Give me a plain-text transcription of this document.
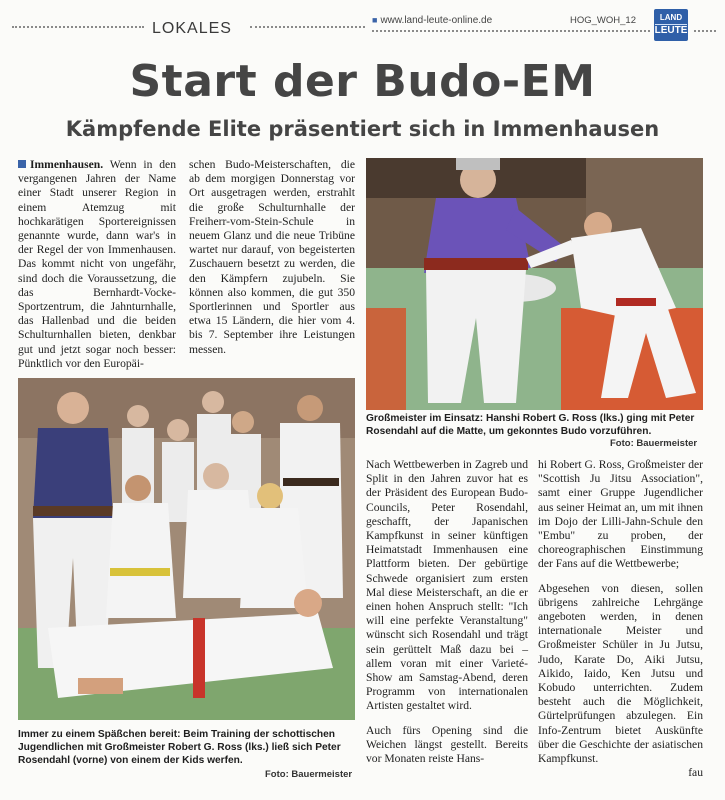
LOKALES	■ www.land-leute-online.de	HOG_WOH_12	LAND
LEUTE
Start der Budo-EM
Kämpfende Elite präsentiert sich in Immenhausen

Immenhausen. Wenn in den vergangenen Jahren der Name einer Stadt unserer Region in einem Atemzug mit hochkarätigen Sportereignissen genannte wurde, dann war's in der Regel der von Immenhausen. Das kommt nicht von ungefähr, sind doch die Voraussetzung, die das Bernhardt-Vocke-Sportzentrum, die Jahnturnhalle, das Hallenbad und die beiden Schulturnhallen bieten, denkbar gut und jetzt sogar noch besser: Pünktlich vor den Europäi-

schen Budo-Meisterschaften, die ab dem morgigen Donnerstag vor Ort ausgetragen werden, erstrahlt die große Schulturnhalle der Freiherr-vom-Stein-Schule in neuem Glanz und die neue Tribüne wartet nur darauf, von begeisterten Zuschauern besetzt zu werden, die den Kämpfern zujubeln. Sie können also kommen, die gut 350 Sportlerinnen und Sportler aus etwa 15 Ländern, die hier vom 4. bis 7. September ihre Leistungen messen.

Großmeister im Einsatz: Hanshi Robert G. Ross (lks.) ging mit Peter Rosendahl auf die Matte, um gekonntes Budo vorzuführen.
Foto: Bauermeister
Immer zu einem Späßchen bereit: Beim Training der schottischen Jugendlichen mit Großmeister Robert G. Ross (lks.) ließ sich Peter Rosendahl (vorne) von einem der Kids werfen.
Foto: Bauermeister

Nach Wettbewerben in Zagreb und Split in den Jahren zuvor hat es der Präsident des European Budo-Councils, Peter Rosendahl, geschafft, der Japanischen Kampfkunst in seiner künftigen Heimatstadt Immenhausen eine Plattform bieten. Der gebürtige Schwede organisiert zum ersten Mal diese Meisterschaft, an die er einen hohen Anspruch stellt: "Ich will eine perfekte Veranstaltung" wünscht sich Rosendahl und trägt sein gerüttelt Maß dazu bei – allem voran mit einer Varieté-Show am Samstag-Abend, deren Programm von internationalen Artisten gestaltet wird.

Auch fürs Opening sind die Weichen längst gestellt. Bereits vor Monaten reiste Hans-

hi Robert G. Ross, Großmeister der "Scottish Ju Jitsu Association", samt einer Gruppe Jugendlicher aus seiner Heimat an, um mit ihnen im Dojo der Lilli-Jahn-Schule den "Embu" zu proben, der choreographischen Einstimmung der Fans auf die Wettbewerbe;

Abgesehen von diesen, sollen übrigens zahlreiche Lehrgänge angeboten werden, in denen internationale Meister und Großmeister Schüler in Ju Jutsu, Judo, Karate Do, Aiki Jutsu, Aikido, Iaido, Ken Jutsu und Kobudo unterrichten. Zudem besteht auch die Möglichkeit, Gürtelprüfungen abzulegen. Ein Info-Zentrum bietet Auskünfte über die Geschichte der asiatischen Kampfkunst.

fau
